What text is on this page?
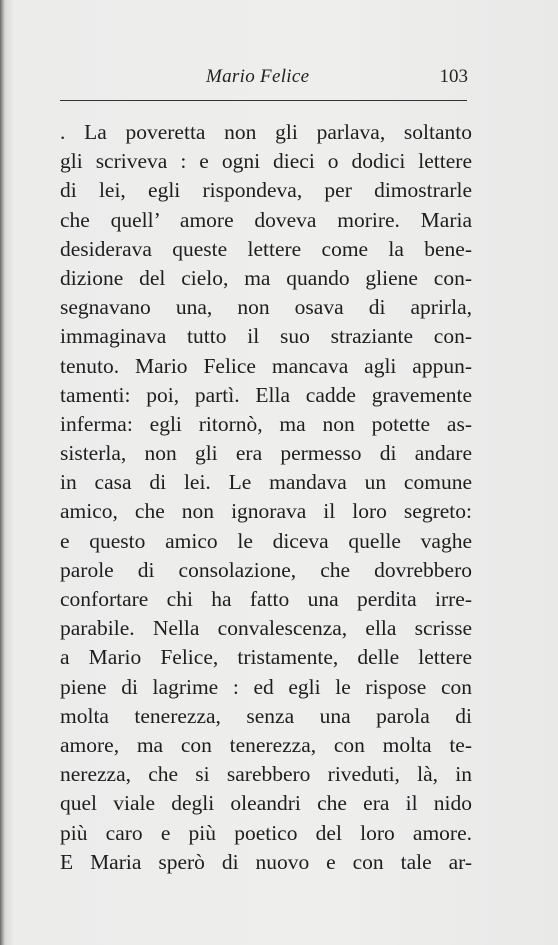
Mario Felice	103
. La poveretta non gli parlava, soltanto
gli scriveva : e ogni dieci o dodici lettere
di lei, egli rispondeva, per dimostrarle
che quell’ amore doveva morire. Maria
desiderava queste lettere come la bene-
dizione del cielo, ma quando gliene con-
segnavano una, non osava di aprirla,
immaginava tutto il suo straziante con-
tenuto. Mario Felice mancava agli appun-
tamenti: poi, partì. Ella cadde gravemente
inferma: egli ritornò, ma non potette as-
sisterla, non gli era permesso di andare
in casa di lei. Le mandava un comune
amico, che non ignorava il loro segreto:
e questo amico le diceva quelle vaghe
parole di consolazione, che dovrebbero
confortare chi ha fatto una perdita irre-
parabile. Nella convalescenza, ella scrisse
a Mario Felice, tristamente, delle lettere
piene di lagrime : ed egli le rispose con
molta tenerezza, senza una parola di
amore, ma con tenerezza, con molta te-
nerezza, che si sarebbero riveduti, là, in
quel viale degli oleandri che era il nido
più caro e più poetico del loro amore.
E Maria sperò di nuovo e con tale ar-
